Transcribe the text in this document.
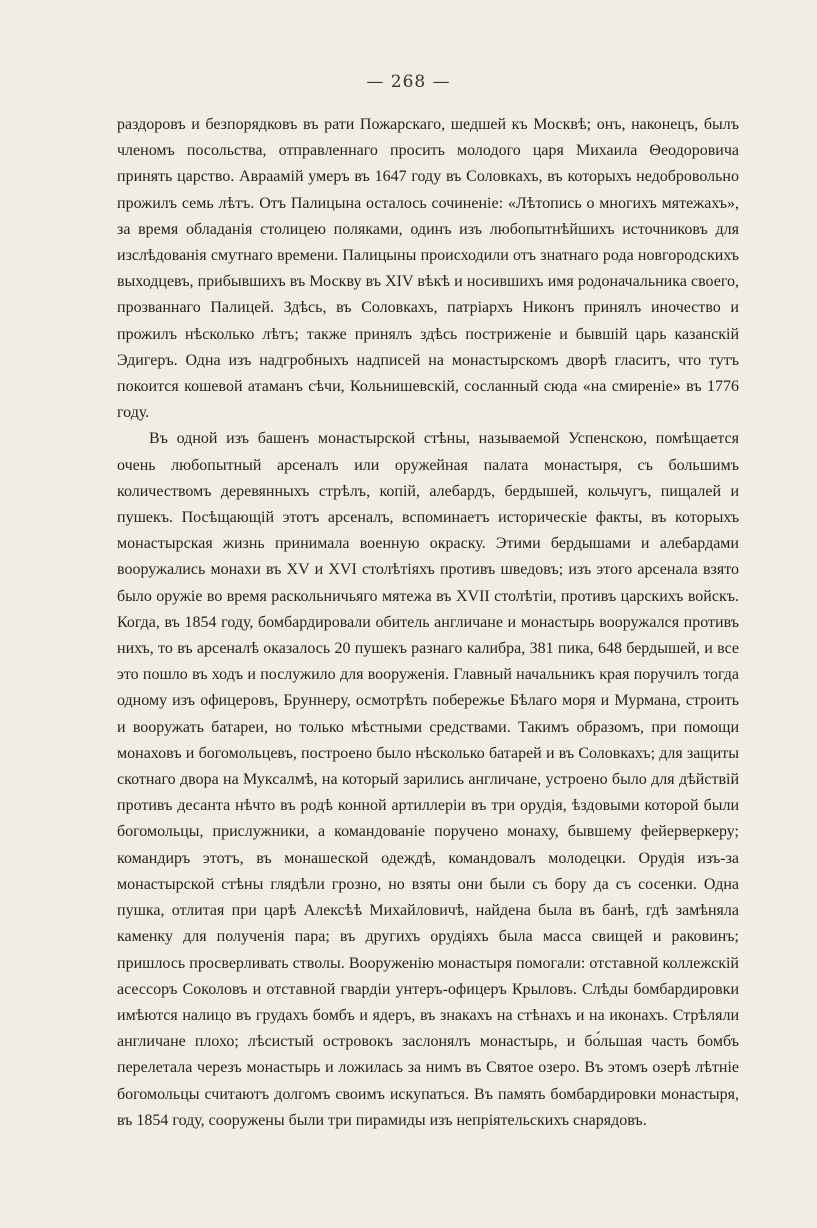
— 268 —

раздоровъ и безпорядковъ въ рати Пожарскаго, шедшей къ Москвѣ; онъ, наконецъ, былъ членомъ посольства, отправленнаго просить молодого царя Михаила Θеодоровича принять царство. Авраамій умеръ въ 1647 году въ Соловкахъ, въ которыхъ недобровольно прожилъ семь лѣтъ. Отъ Палицына осталось сочиненіе: «Лѣтопись о многихъ мятежахъ», за время обладанія столицею поляками, одинъ изъ любопытнѣйшихъ источниковъ для изслѣдованія смутнаго времени. Палицыны происходили отъ знатнаго рода новгородскихъ выходцевъ, прибывшихъ въ Москву въ XIV вѣкѣ и носившихъ имя родоначальника своего, прозваннаго Палицей. Здѣсь, въ Соловкахъ, патріархъ Никонъ принялъ иночество и прожилъ нѣсколько лѣтъ; также принялъ здѣсь постриженіе и бывшій царь казанскій Эдигеръ. Одна изъ надгробныхъ надписей на монастырскомъ дворѣ гласитъ, что тутъ покоится кошевой атаманъ сѣчи, Кольнишевскій, сосланный сюда «на смиреніе» въ 1776 году.

Въ одной изъ башенъ монастырской стѣны, называемой Успенскою, помѣщается очень любопытный арсеналъ или оружейная палата монастыря, съ большимъ количествомъ деревянныхъ стрѣлъ, копій, алебардъ, бердышей, кольчугъ, пищалей и пушекъ. Посѣщающій этотъ арсеналъ, вспоминаетъ историческіе факты, въ которыхъ монастырская жизнь принимала военную окраску. Этими бердышами и алебардами вооружались монахи въ XV и XVI столѣтіяхъ противъ шведовъ; изъ этого арсенала взято было оружіе во время раскольничьяго мятежа въ XVII столѣтіи, противъ царскихъ войскъ. Когда, въ 1854 году, бомбардировали обитель англичане и монастырь вооружался противъ нихъ, то въ арсеналѣ оказалось 20 пушекъ разнаго калибра, 381 пика, 648 бердышей, и все это пошло въ ходъ и послужило для вооруженія. Главный начальникъ края поручилъ тогда одному изъ офицеровъ, Бруннеру, осмотрѣть побережье Бѣлаго моря и Мурмана, строить и вооружать батареи, но только мѣстными средствами. Такимъ образомъ, при помощи монаховъ и богомольцевъ, построено было нѣсколько батарей и въ Соловкахъ; для защиты скотнаго двора на Муксалмѣ, на который зарились англичане, устроено было для дѣйствій противъ десанта нѣчто въ родѣ конной артиллеріи въ три орудія, ѣздовыми которой были богомольцы, прислужники, а командованіе поручено монаху, бывшему фейерверкеру; командиръ этотъ, въ монашеской одеждѣ, командовалъ молодецки. Орудія изъ-за монастырской стѣны глядѣли грозно, но взяты они были съ бору да съ сосенки. Одна пушка, отлитая при царѣ Алексѣѣ Михайловичѣ, найдена была въ банѣ, гдѣ замѣняла каменку для полученія пара; въ другихъ орудіяхъ была масса свищей и раковинъ; пришлось просверливать стволы. Вооруженію монастыря помогали: отставной коллежскій асессоръ Соколовъ и отставной гвардіи унтеръ-офицеръ Крыловъ. Слѣды бомбардировки имѣются налицо въ грудахъ бомбъ и ядеръ, въ знакахъ на стѣнахъ и на иконахъ. Стрѣляли англичане плохо; лѣсистый островокъ заслонялъ монастырь, и бо́льшая часть бомбъ перелетала черезъ монастырь и ложилась за нимъ въ Святое озеро. Въ этомъ озерѣ лѣтніе богомольцы считаютъ долгомъ своимъ искупаться. Въ память бомбардировки монастыря, въ 1854 году, сооружены были три пирамиды изъ непріятельскихъ снарядовъ.
